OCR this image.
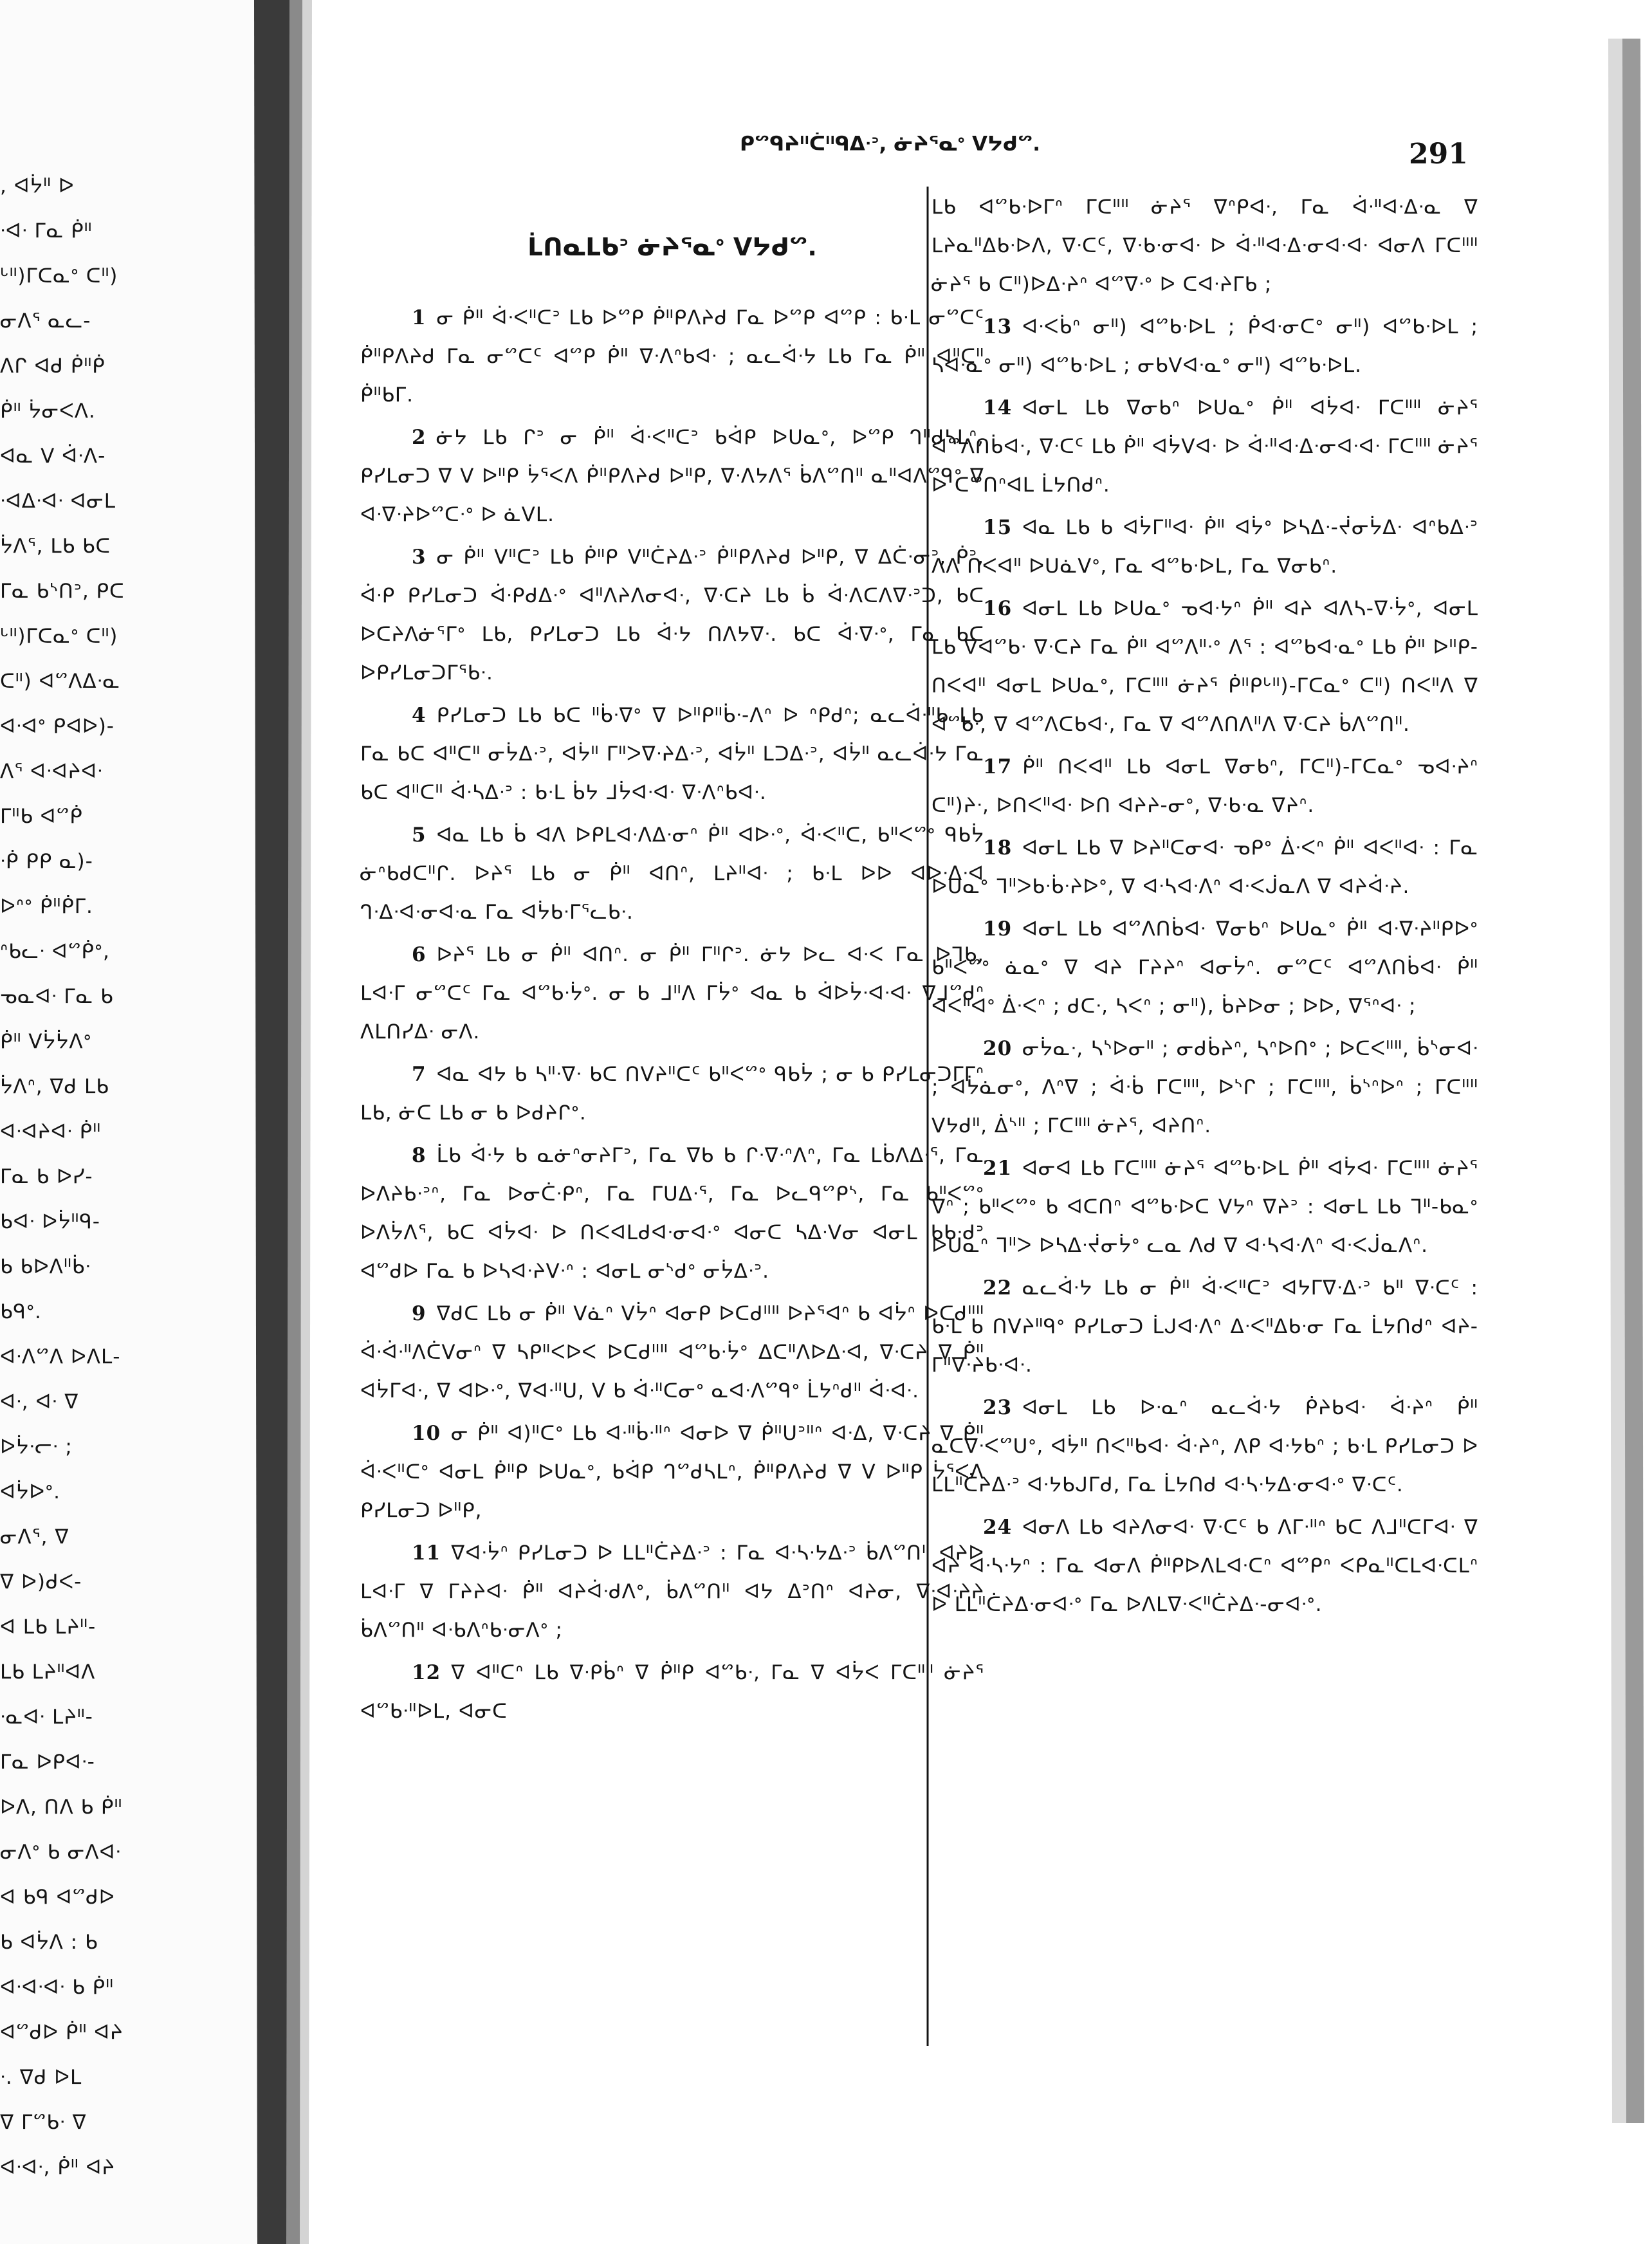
, ᐊᔮᐦ ᐅ
ᐧᐊᐧ ᒥᓇ ᑮᐦ
ᒡᐦ)ᒥᑕᓇᐤ ᑕᐦ)
ᓂᐱᕐ ᓇᓚ-
ᐱᒋ ᐊᑯ ᑮᐦᑮ
ᑮᐦ ᔮᓂᐸᐱ.
ᐊᓇ ᐯ ᐋᐧᐱ-
ᐧᐊᐃᐧᐊᐧ ᐊᓂᒪ
ᔮᐱᕐ, ᒪᑲ ᑲᑕ
ᒥᓇ ᑲᔅᑎᐣ, ᑭᑕ
ᒡᐦ)ᒥᑕᓇᐤ ᑕᐦ)
ᑕᐦ) ᐊᔥᐱᐃᐧᓇ
ᐊᐧᐊᐤ ᑭᐊᐅ)-
ᐱᕐ ᐊᐧᐊᔨᐊᐧ
ᒥᐦᑲ ᐊᔥᑮ
ᐧᑮ ᑭᑭ ᓇ)-
ᐅᐢᐤ ᑮᐦᑮᒥ.
ᐢᑲᓚᐧ ᐊᔥᑮᐤ,
ᓀᓇᐊᐧ ᒥᓇ ᑲ
ᑮᐦ ᐯᔮᔮᐱᐤ
ᔮᐱᐢ, ᐁᑯ ᒪᑲ
ᐊᐧᐊᔨᐊᐧ ᑮᐦ
ᒥᓇ ᑲ ᐅᓯ-
ᑲᐊᐧ ᐅᔮᐦᑫ-
ᑲ ᑲᐅᐱᐦᑳᐧ
ᑲᑫᐤ.
ᐊᐧᐱᔥᐱ ᐅᐱᒪ-
ᐊᐧ, ᐊᐧ ᐁ
ᐅᔮᐧᓕᐧ ;
ᐊᔮᐅᐤ.
ᓂᐱᕐ, ᐁ
ᐁ ᐅ)ᑯᐸ-
ᐊ ᒪᑲ ᒪᔨᐦ-
ᒪᑲ ᒪᔨᐦᐊᐱ
ᐧᓇᐊᐧ ᒪᔨᐦ-
ᒥᓇ ᐅᑭᐊᐧ-
ᐅᐱ, ᑎᐱ ᑲ ᑮᐦ
ᓂᐱᐤ ᑲ ᓂᐱᐊᐧ
ᐊ ᑲᑫ ᐊᔥᑯᐅ
ᑲ ᐊᔮᐱ : ᑲ
ᐊᐧᐊᐧᐊᐧ ᑲ ᑮᐦ
ᐊᔥᑯᐅ ᑮᐦ ᐊᔨ
ᐧ. ᐁᑯ ᐅᒪ
ᐁ ᒥᔥᑲᐧ ᐁ
ᐊᐧᐊᐧ, ᑮᐦ ᐊᔨ
ᑭᔥᑫᔨᐦᑖᐦᑫᐃᐧᐣ, ᓃᔨᕐᓇᐤ ᐯᔭᑯᔥ.	291
ᒫᑎᓇᒪᑲᐣ ᓃᔨᕐᓇᐤ ᐯᔭᑯᔥ.

1 ᓂ ᑮᐦ ᐋᐧᐸᐦᑕᐣ ᒪᑲ ᐅᔥᑭ ᑮᐦᑭᐱᔨᑯ ᒥᓇ ᐅᔥᑭ ᐊᔥᑭ : ᑲᐧᒪ ᓂᔥᑕᑦ ᑮᐦᑭᐱᔨᑯ ᒥᓇ ᓂᔥᑕᑦ ᐊᔥᑭ ᑮᐦ ᐁᐧᐱᐢᑲᐊᐧ ; ᓇᓚᐋᐧᔭ ᒪᑲ ᒥᓇ ᑮᐦ ᐊᐦᑕᐦ ᑮᐦᑲᒥ.

2 ᓃᔭ ᒪᑲ ᒋᐣ ᓂ ᑮᐦ ᐋᐧᐸᐦᑕᐣ ᑲᐋᑭ ᐅᑌᓇᐤ, ᐅᔥᑭ ᒉᐦᑯᓴᒪᐢ, ᑭᓯᒪᓂᑐ ᐁ ᐯ ᐅᐦᑭ ᔮᕐᐸᐱ ᑮᐦᑭᐱᔨᑯ ᐅᐦᑭ, ᐁᐧᐱᔭᐱᕐ ᑳᐱᔥᑎᐦ ᓇᐦᐊᐱᔥᑫᐤ ᐁ ᐊᐧᐁᐧᔨᐅᔥᑕᐧᐤ ᐅ ᓈᐯᒪ.

3 ᓂ ᑮᐦ ᐯᐦᑕᐣ ᒪᑲ ᑮᐦᑭ ᐯᐦᑖᔨᐃᐧᐣ ᑮᐦᑭᐱᔨᑯ ᐅᐦᑭ, ᐁ ᐃᑖᐧᓂᐣ, ᑮᐣ, ᐋᐧᑭ ᑭᓯᒪᓂᑐ ᐋᐧᑭᑯᐃᐧᐤ ᐊᐦᐱᔨᐱᓂᐊᐧ, ᐁᐧᑕᔨ ᒪᑲ ᑳ ᐋᐧᐱᑕᐱᐁᐧᐣᑐ, ᑲᑕ ᐅᑕᔨᐱᓃᕐᒥᐤ ᒪᑲ, ᑭᓯᒪᓂᑐ ᒪᑲ ᐋᐧᔭ ᑎᐱᔭᐁᐧ. ᑲᑕ ᐋᐧᐁᐧᐤ, ᒥᓇ ᑲᑕ ᐅᑭᓯᒪᓂᑐᒥᕐᑲᐧ.

4 ᑭᓯᒪᓂᑐ ᒪᑲ ᑲᑕ ᐦᑳᐧᐁᐤ ᐁ ᐅᐦᑭᐦᑳᐧ-ᐱᐢ ᐅ ᐢᑭᑯᐢ; ᓇᓚᐋᐧᐦᑲ ᒪᑲ ᒥᓇ ᑲᑕ ᐊᐦᑕᐦ ᓂᔮᐃᐧᐣ, ᐊᔮᐦ ᒥᐦᐳᐁᐧᔨᐃᐧᐣ, ᐊᔮᐦ ᒪᑐᐃᐧᐣ, ᐊᔮᐦ ᓇᓚᐋᐧᔭ ᒥᓇ ᑲᑕ ᐊᐦᑕᐦ ᐋᐧᓴᐃᐧᐣ : ᑲᐧᒪ ᑳᔭ ᒧᔮᐊᐧᐊᐧ ᐁᐧᐱᐢᑲᐊᐧ.

5 ᐊᓇ ᒪᑲ ᑳ ᐊᐱ ᐅᑭᒪᐊᐧᐱᐃᐧᓂᐢ ᑮᐦ ᐊᐅᐧᐤ, ᐋᐧᐸᐦᑕ, ᑲᐦᐸᔥᐤ ᑫᑲᔮ ᓃᐢᑲᑯᑕᐦᒋ. ᐅᔨᕐ ᒪᑲ ᓂ ᑮᐦ ᐊᑎᐢ, ᒪᔨᐦᐊᐧ ; ᑲᐧᒪ ᐅᐅ ᐊᐅᐧᐃᐧᐊ ᒉᐧᐃᐧᐊᐧᓂᐊᐧᓇ ᒥᓇ ᐊᔮᑲᐧᒥᕐᓚᑲᐧ.

6 ᐅᔨᕐ ᒪᑲ ᓂ ᑮᐦ ᐊᑎᐢ. ᓂ ᑮᐦ ᒥᐦᒋᐣ. ᓃᔭ ᐅᓚ ᐊᐧᐸ ᒥᓇ ᐅᒣᑲ, ᒪᐊᐧᒥ ᓂᔥᑕᑦ ᒥᓇ ᐊᔥᑲᐧᔮᐤ. ᓂ ᑲ ᒧᐦᐱ ᒥᔮᐤ ᐊᓇ ᑲ ᐋᐅᔮᐧᐊᐧᐊᐧ ᐁᒧᔥᑯᐢ ᐱᒪᑎᓯᐃᐧ ᓂᐱ.

7 ᐊᓇ ᐊᔭ ᑲ ᓴᐦᐧᐁᐧ ᑲᑕ ᑎᐯᔨᐦᑕᑦ ᑲᐦᐸᔥᐤ ᑫᑲᔮ ; ᓂ ᑲ ᑭᓯᒪᓂᑐᒥᒥᐢ ᒪᑲ, ᓃᑕ ᒪᑲ ᓂ ᑲ ᐅᑯᔨᒋᐤ.

8 ᒫᑲ ᐋᐧᔭ ᑲ ᓇᓃᐢᓂᔨᒥᐣ, ᒥᓇ ᐁᑲ ᑲ ᒋᐧᐁᐧᐢᐱᐢ, ᒥᓇ ᒪᑳᐱᐃᐧᕐ, ᒥᓇ ᐅᐱᔨᑲᐧᐣᐢ, ᒥᓇ ᐅᓂᑖᐧᑭᐢ, ᒥᓇ ᒥᑌᐃᐧᕐ, ᒥᓇ ᐅᓚᑫᔥᑭᔅ, ᒥᓇ ᑲᐦᐸᔥᐤ ᐅᐱᔮᐱᕐ, ᑲᑕ ᐊᔮᐊᐧ ᐅ ᑎᐸᐊᒪᑯᐊᐧᓂᐊᐧᐤ ᐊᓂᑕ ᓴᐃᐧᐯᓂ ᐊᓂᒪ ᑲᑲᐧᑯᐣ ᐊᔥᑯᐅ ᒥᓇ ᑲ ᐅᓴᐊᐧᔨᐯᐧᐢ : ᐊᓂᒪ ᓂᔅᑯᐤ ᓂᔮᐃᐧᐣ.

9 ᐁᑯᑕ ᒪᑲ ᓂ ᑮᐦ ᐯᓈᐢ ᐯᔮᐢ ᐊᓂᑭ ᐅᑕᑯᐦᐦ ᐅᔨᕐᐊᐢ ᑲ ᐊᔮᐢ ᐅᑕᑯᐦᐦ ᐋᐧᐋᐧᐦᐱᑖᐯᓂᐢ ᐁ ᓴᑭᐦᐸᐅᐸ ᐅᑕᑯᐦᐦ ᐊᔥᑲᐧᔮᐤ ᐃᑕᐦᐱᐅᐃᐧᐊ, ᐁᐧᑕᔨ ᐁ ᑮᐦ ᐊᔮᒥᐊᐧ, ᐁ ᐊᐅᐧᐤ, ᐁᐊᐧᐦᑌ, ᐯ ᑲ ᐋᐧᐦᑕᓂᐤ ᓇᐊᐧᐱᔥᑫᐤ ᒫᔭᐢᑯᐦ ᐋᐧᐊᐧ.

10 ᓂ ᑮᐦ ᐊ)ᐦᑕᐤ ᒪᑲ ᐊᐧᐦᑳᐧᐦᐢ ᐊᓂᐅ ᐁ ᑮᐦᑌᐣᐦᐢ ᐊᐧᐃ, ᐁᐧᑕᔨ ᐁ ᑮᐦ ᐋᐧᐸᐦᑕᐤ ᐊᓂᒪ ᑮᐦᑭ ᐅᑌᓇᐤ, ᑲᐋᑭ ᒉᔥᑯᓴᒪᐢ, ᑮᐦᑭᐱᔨᑯ ᐁ ᐯ ᐅᐦᑭ ᔮᕐᐸᐱ ᑭᓯᒪᓂᑐ ᐅᐦᑭ,

11 ᐁᐊᐧᔮᐢ ᑭᓯᒪᓂᑐ ᐅ ᒪᒪᐦᑖᔨᐃᐧᐣ : ᒥᓇ ᐊᐧᓴᐧᔭᐃᐧᐣ ᑳᐱᔥᑎᐦ ᐊᔨᐅ ᒪᐊᐧᒥ ᐁ ᒥᔨᔨᐊᐧ ᑮᐦ ᐊᔨᐋᐧᑯᐱᐤ, ᑳᐱᔥᑎᐦ ᐊᔭ ᐃᐣᑎᐢ ᐊᔨᓂ, ᐁᐧᐊᐧᔨᔨ ᑳᐱᔥᑎᐦ ᐊᐧᑲᐱᐢᑲᐧᓂᐱᐤ ;

12 ᐁ ᐊᐦᑕᐢ ᒪᑲ ᐁᐧᑭᑳᐢ ᐁ ᑮᐦᑭ ᐊᔥᑲᐧ, ᒥᓇ ᐁ ᐊᔮᐸ ᒥᑕᐦᐦ ᓃᔨᕐ ᐊᔥᑲᐧᐦᐅᒪ, ᐊᓂᑕ

ᒪᑲ ᐊᔥᑲᐧᐅᒥᐢ ᒥᑕᐦᐦ ᓃᔨᕐ ᐁᐢᑭᐊᐧ, ᒥᓇ ᐋᐧᐦᐊᐧᐃᐧᓇ ᐁ ᒪᔨᓇᐦᐃᑲᐧᐅᐱ, ᐁᐧᑕᑦ, ᐁᐧᑲᐧᓂᐊᐧ ᐅ ᐋᐧᐦᐊᐧᐃᐧᓂᐊᐧᐊᐧ ᐊᓂᐱ ᒥᑕᐦᐦ ᓃᔨᕐ ᑲ ᑕᐦ)ᐅᐃᐧᔨᐢ ᐊᔥᐁᐧᐤ ᐅ ᑕᐊᐧᔨᒥᑲ ;

13 ᐊᐧᐸᑳᐢ ᓂᐦ) ᐊᔥᑲᐧᐅᒪ ; ᑮᐊᐧᓂᑕᐤ ᓂᐦ) ᐊᔥᑲᐧᐅᒪ ; ᓴᐊᐧᓇᐤ ᓂᐦ) ᐊᔥᑲᐧᐅᒪ ; ᓂᑲᐯᐊᐧᓇᐤ ᓂᐦ) ᐊᔥᑲᐧᐅᒪ.

14 ᐊᓂᒪ ᒪᑲ ᐁᓂᑲᐢ ᐅᑌᓇᐤ ᑮᐦ ᐊᔮᐊᐧ ᒥᑕᐦᐦ ᓃᔨᕐ ᐊᔥᐱᑎᑳᐊᐧ, ᐁᐧᑕᑦ ᒪᑲ ᑮᐦ ᐊᔮᐯᐊᐧ ᐅ ᐋᐧᐦᐊᐧᐃᐧᓂᐊᐧᐊᐧ ᒥᑕᐦᐦ ᓃᔨᕐ ᐅ ᑕᔥᑎᐢᐊᒪ ᒫᔭᑎᑯᐢ.

15 ᐊᓇ ᒪᑲ ᑲ ᐊᔮᒥᐦᐊᐧ ᑮᐦ ᐊᔮᐤ ᐅᓴᐃᐧ-ᔫᓂᔮᐃᐧ ᐊᐢᑲᐃᐧᐣ ᐱᐱ ᑎᐸᐊᐦ ᐅᑌᓈᐯᐤ, ᒥᓇ ᐊᔥᑲᐧᐅᒪ, ᒥᓇ ᐁᓂᑲᐢ.

16 ᐊᓂᒪ ᒪᑲ ᐅᑌᓇᐤ ᓀᐊᐧᔭᐢ ᑮᐦ ᐊᔨ ᐊᐱᓴ-ᐁᐧᔮᐤ, ᐊᓂᒪ ᒪᑲ ᐁᐊᔥᑲᐧ ᐁᐧᑕᔨ ᒥᓇ ᑮᐦ ᐊᔥᐱᐦᐧᐤ ᐱᕐ : ᐊᔥᑲᐊᐧᓇᐤ ᒪᑲ ᑮᐦ ᐅᐦᑭ-ᑎᐸᐊᐦ ᐊᓂᒪ ᐅᑌᓇᐤ, ᒥᑕᐦᐦ ᓃᔨᕐ ᑮᐦᑭᒡᐦ)-ᒥᑕᓇᐤ ᑕᐦ) ᑎᐸᐦᐱ ᐁ ᐊᔥᑲᐧ, ᐁ ᐊᔥᐱᑕᑲᐊᐧ, ᒥᓇ ᐁ ᐊᔥᐱᑎᐱᐦᐱ ᐁᐧᑕᔨ ᑳᐱᔥᑎᐦ.

17 ᑮᐦ ᑎᐸᐊᐦ ᒪᑲ ᐊᓂᒪ ᐁᓂᑲᐢ, ᒥᑕᐦ)-ᒥᑕᓇᐤ ᓀᐊᐧᔨᐢ ᑕᐦ)ᔨᐧ, ᐅᑎᐸᐦᐊᐧ ᐅᑎ ᐊᔨᔨ-ᓂᐤ, ᐁᐧᑲᐧᓇ ᐁᔨᐢ.

18 ᐊᓂᒪ ᒪᑲ ᐁ ᐅᔨᐦᑕᓂᐊᐧ ᓀᑭᐤ ᐄᐧᐸᐢ ᑮᐦ ᐊᐸᐦᐊᐧ : ᒥᓇ ᐅᑌᓇᐤ ᒣᐦᐳᑲᐧᑳᐧᔨᐅᐤ, ᐁ ᐊᐧᓴᐊᐧᐱᐢ ᐊᐧᐸᒎᓇᐱ ᐁ ᐊᔨᐋᐧᔨ.

19 ᐊᓂᒪ ᒪᑲ ᐊᔥᐱᑎᑳᐊᐧ ᐁᓂᑲᐢ ᐅᑌᓇᐤ ᑮᐦ ᐊᐧᐁᐧᔨᐦᑭᐅᐤ ᑲᐦᐸᔥᐤ ᓈᓇᐤ ᐁ ᐊᔨ ᒥᔨᔨᐢ ᐊᓂᔮᐢ. ᓂᔥᑕᑦ ᐊᔥᐱᑎᑳᐊᐧ ᑮᐦ ᐊᐸᐦᐊᐤ ᐄᐧᐸᐢ ; ᑯᑕᐧ, ᓴᐸᐢ ; ᓂᐦ), ᑳᔨᐅᓂ ; ᐅᐅ, ᐁᕐᐢᐊᐧ ;

20 ᓂᔮᓇᐧ, ᓴᔅᐅᓂᐦ ; ᓂᑯᑳᔨᐢ, ᓴᐢᐅᑎᐤ ; ᐅᑕᐸᐦᐦ, ᑳᔅᓂᐊᐧ ; ᐊᔮᓈᓂᐤ, ᐱᐢᐁ ; ᐋᐧᑳ ᒥᑕᐦᐦ, ᐅᔅᒋ ; ᒥᑕᐦᐦ, ᑳᔅᐢᐅᐢ ; ᒥᑕᐦᐦ ᐯᔭᑯᐦ, ᐄᔅᐦ ; ᒥᑕᐦᐦ ᓃᔨᕐ, ᐊᔨᑎᐢ.

21 ᐊᓂᐊ ᒪᑲ ᒥᑕᐦᐦ ᓃᔨᕐ ᐊᔥᑲᐧᐅᒪ ᑮᐦ ᐊᔮᐊᐧ ᒥᑕᐦᐦ ᓃᔨᕐ ᐁᐢ ; ᑲᐦᐸᔥᐤ ᑲ ᐊᑕᑎᐢ ᐊᔥᑲᐧᐅᑕ ᐯᔭᐢ ᐁᔨᐣ : ᐊᓂᒪ ᒪᑲ ᒣᐦ-ᑲᓇᐤ ᐅᑌᓇᐢ ᒣᐦᐳ ᐅᓴᐃᐧᔫᓂᔮᐤ ᓚᓇ ᐱᑯ ᐁ ᐊᐧᓴᐊᐧᐱᐢ ᐊᐧᐸᒎᓇᐱᐢ.

22 ᓇᓚᐋᐧᔭ ᒪᑲ ᓂ ᑮᐦ ᐋᐧᐸᐦᑕᐣ ᐊᔭᒥᐁᐧᐃᐧᐣ ᑲᐦ ᐁᐧᑕᑦ : ᑲᐧᒪ ᑲ ᑎᐯᔨᐦᑫᐤ ᑭᓯᒪᓂᑐ ᒫᒍᐊᐧᐱᐢ ᐃᐧᐸᐦᐃᑲᐧᓂ ᒥᓇ ᒫᔭᑎᑯᐢ ᐊᔨ-ᒥᐦᐁᐧᔨᑲᐧᐊᐧ.

23 ᐊᓂᒪ ᒪᑲ ᐅᐧᓇᐢ ᓇᓚᐋᐧᔭ ᑮᔨᑲᐊᐧ ᐋᐧᔨᐢ ᑮᐦ ᓇᑕᐁᐧᐸᔥᑌᐤ, ᐊᔮᐦ ᑎᐸᐦᑲᐊᐧ ᐋᐧᔨᐢ, ᐱᑭ ᐊᐧᔭᑲᐢ ; ᑲᐧᒪ ᑭᓯᒪᓂᑐ ᐅ ᒪᒪᐦᑖᔨᐃᐧᐣ ᐊᐧᔭᑲᒍᒥᑯ, ᒥᓇ ᒫᔭᑎᑯ ᐊᐧᓴᐧᔭᐃᐧᓂᐊᐧᐤ ᐁᐧᑕᑦ.

24 ᐊᓂᐱ ᒪᑲ ᐊᔨᐱᓂᐊᐧ ᐁᐧᑕᑦ ᑲ ᐱᒥᐧᐦᐢ ᑲᑕ ᐱᒧᐦᑕᒥᐊᐧ ᐁ ᐊᔨ ᐊᐧᓴᐧᔭᐢ : ᒥᓇ ᐊᓂᐱ ᑮᐦᑭᐅᐱᒪᐊᐧᑕᐢ ᐊᔥᑭᐢ ᐸᑭᓇᐦᑕᒪᐊᐧᑕᒪᐢ ᐅ ᒪᒪᐦᑖᔨᐃᐧᓂᐊᐧᐤ ᒥᓇ ᐅᐱᒪᐁᐧᐸᐦᑖᔨᐃᐧ-ᓂᐊᐧᐤ.
